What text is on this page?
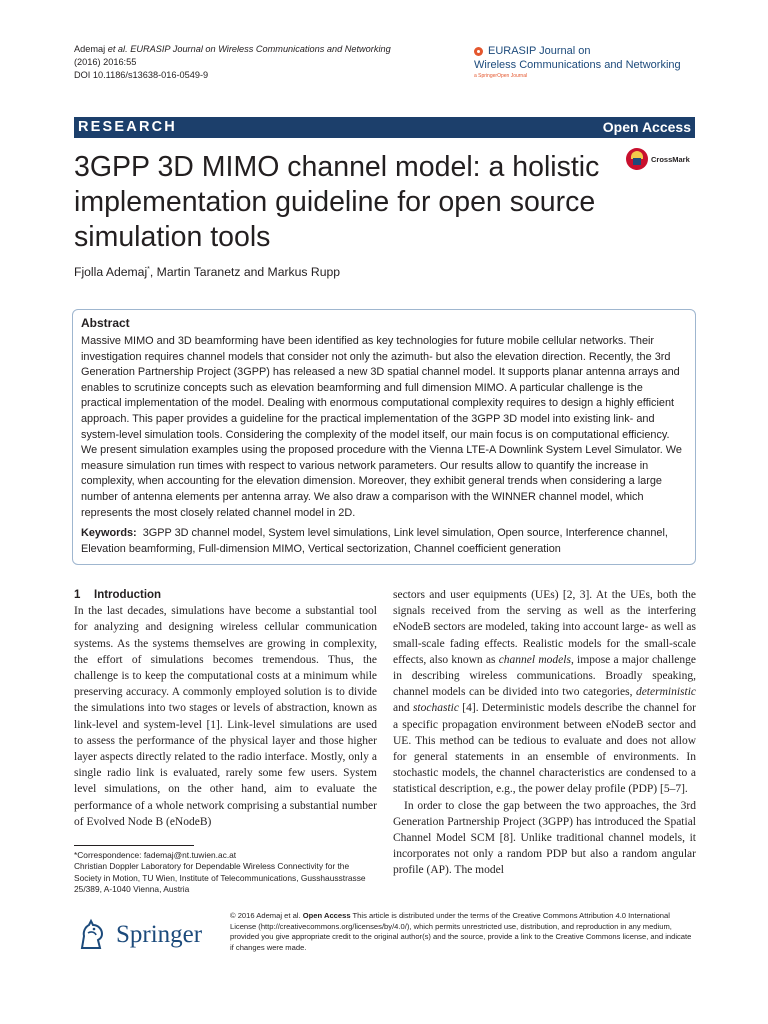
Ademaj et al. EURASIP Journal on Wireless Communications and Networking (2016) 2016:55
DOI 10.1186/s13638-016-0549-9
EURASIP Journal on
Wireless Communications and Networking
a SpringerOpen Journal
RESEARCH	Open Access
3GPP 3D MIMO channel model: a holistic implementation guideline for open source simulation tools
CrossMark
Fjolla Ademaj*, Martin Taranetz and Markus Rupp
Abstract
Massive MIMO and 3D beamforming have been identified as key technologies for future mobile cellular networks. Their investigation requires channel models that consider not only the azimuth- but also the elevation direction. Recently, the 3rd Generation Partnership Project (3GPP) has released a new 3D spatial channel model. It supports planar antenna arrays and enables to scrutinize concepts such as elevation beamforming and full dimension MIMO. A particular challenge is the practical implementation of the model. Dealing with enormous computational complexity requires to design a highly efficient approach. This paper provides a guideline for the practical implementation of the 3GPP 3D model into existing link- and system-level simulation tools. Considering the complexity of the model itself, our main focus is on computational efficiency. We present simulation examples using the proposed procedure with the Vienna LTE-A Downlink System Level Simulator. We measure simulation run times with respect to various network parameters. Our results allow to quantify the increase in complexity, when accounting for the elevation dimension. Moreover, they exhibit general trends when considering a large number of antenna elements per antenna array. We also draw a comparison with the WINNER channel model, which represents the most closely related channel model in 2D.
Keywords: 3GPP 3D channel model, System level simulations, Link level simulation, Open source, Interference channel, Elevation beamforming, Full-dimension MIMO, Vertical sectorization, Channel coefficient generation
1 Introduction
In the last decades, simulations have become a substantial tool for analyzing and designing wireless cellular communication systems. As the systems themselves are growing in complexity, the effort of simulations becomes tremendous. Thus, the challenge is to keep the computational costs at a minimum while preserving accuracy. A commonly employed solution is to divide the simulations into two stages or levels of abstraction, known as link-level and system-level [1]. Link-level simulations are used to assess the performance of the physical layer and those higher layer aspects directly related to the radio interface. Mostly, only a single radio link is evaluated, rarely some few users. System level simulations, on the other hand, aim to evaluate the performance of a whole network comprising a substantial number of Evolved Node B (eNodeB)
sectors and user equipments (UEs) [2, 3]. At the UEs, both the signals received from the serving as well as the interfering eNodeB sectors are modeled, taking into account large- as well as small-scale fading effects. Realistic models for the small-scale effects, also known as channel models, impose a major challenge in describing wireless communications. Broadly speaking, channel models can be divided into two categories, deterministic and stochastic [4]. Deterministic models describe the channel for a specific propagation environment between eNodeB sector and UE. This method can be tedious to evaluate and does not allow for general statements in an ensemble of environments. In stochastic models, the channel characteristics are condensed to a statistical description, e.g., the power delay profile (PDP) [5–7].
In order to close the gap between the two approaches, the 3rd Generation Partnership Project (3GPP) has introduced the Spatial Channel Model SCM [8]. Unlike traditional channel models, it incorporates not only a random PDP but also a random angular profile (AP). The model
*Correspondence: fademaj@nt.tuwien.ac.at
Christian Doppler Laboratory for Dependable Wireless Connectivity for the Society in Motion, TU Wien, Institute of Telecommunications, Gusshausstrasse 25/389, A-1040 Vienna, Austria
Springer
© 2016 Ademaj et al. Open Access This article is distributed under the terms of the Creative Commons Attribution 4.0 International License (http://creativecommons.org/licenses/by/4.0/), which permits unrestricted use, distribution, and reproduction in any medium, provided you give appropriate credit to the original author(s) and the source, provide a link to the Creative Commons license, and indicate if changes were made.
